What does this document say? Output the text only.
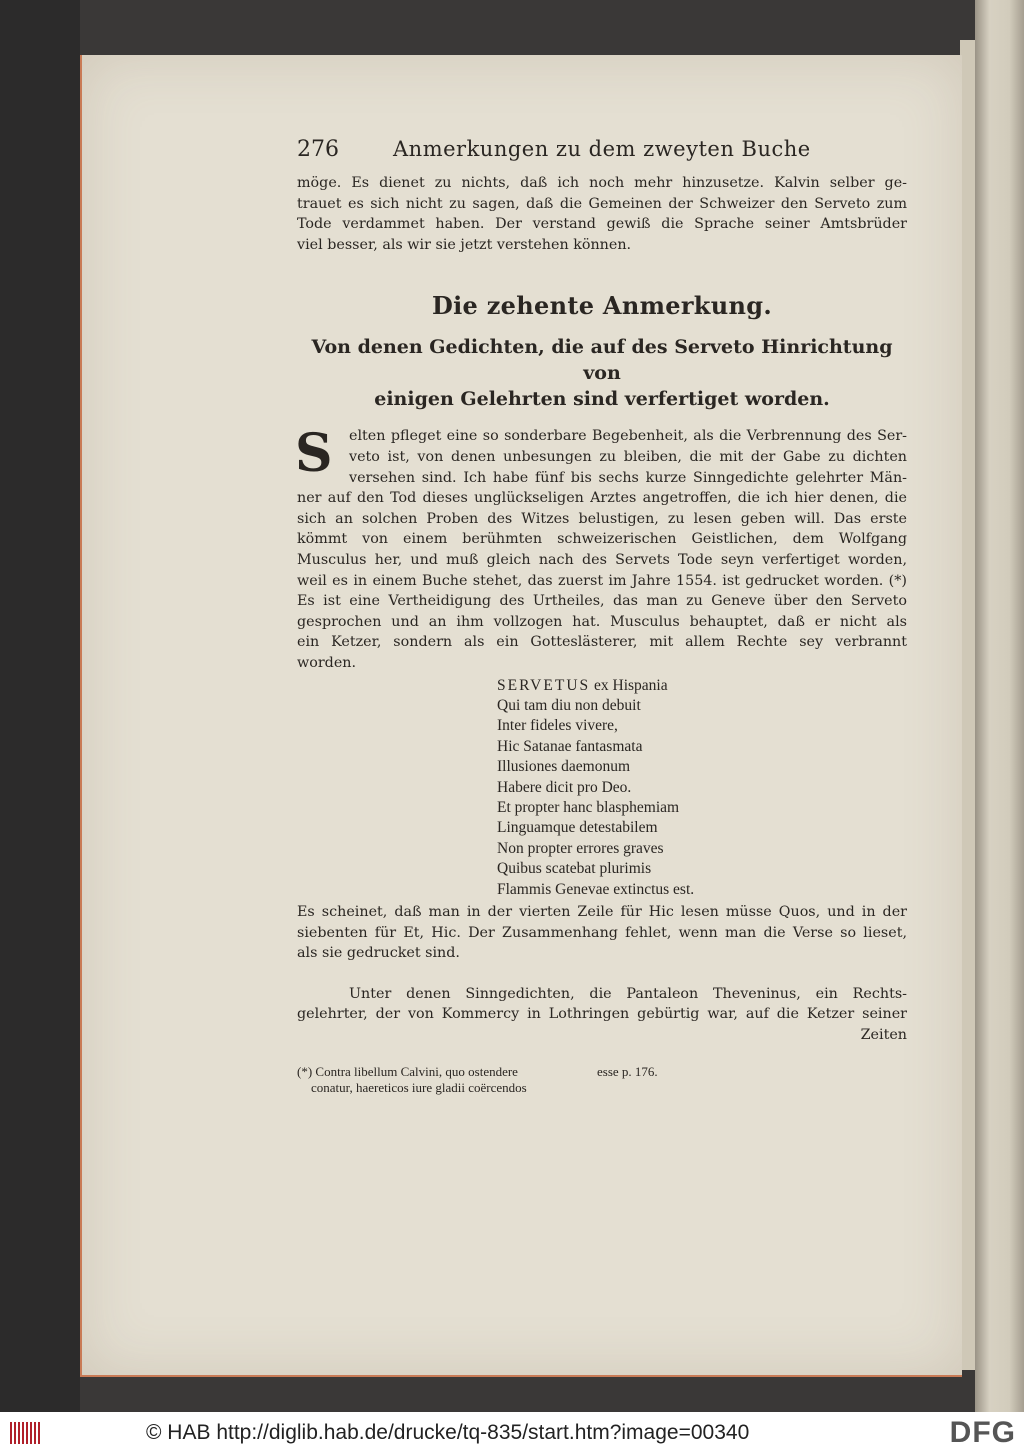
276	Anmerkungen zu dem zweyten Buche

möge. Es dienet zu nichts, daß ich noch mehr hinzusetze. Kalvin selber ge-
trauet es sich nicht zu sagen, daß die Gemeinen der Schweizer den Serveto zum
Tode verdammet haben. Der verstand gewiß die Sprache seiner Amtsbrüder
viel besser, als wir sie jetzt verstehen können.

Die zehente Anmerkung.
Von denen Gedichten, die auf des Serveto Hinrichtung von
einigen Gelehrten sind verfertiget worden.
S	elten pfleget eine so sonderbare Begebenheit, als die Verbrennung des Ser-
veto ist, von denen unbesungen zu bleiben, die mit der Gabe zu dichten
versehen sind. Ich habe fünf bis sechs kurze Sinngedichte gelehrter Män-
ner auf den Tod dieses unglückseligen Arztes angetroffen, die ich hier denen, die
sich an solchen Proben des Witzes belustigen, zu lesen geben will. Das erste
kömmt von einem berühmten schweizerischen Geistlichen, dem Wolfgang
Musculus her, und muß gleich nach des Servets Tode seyn verfertiget worden,
weil es in einem Buche stehet, das zuerst im Jahre 1554. ist gedrucket worden. (*)
Es ist eine Vertheidigung des Urtheiles, das man zu Geneve über den Serveto
gesprochen und an ihm vollzogen hat. Musculus behauptet, daß er nicht als
ein Ketzer, sondern als ein Gotteslästerer, mit allem Rechte sey verbrannt
worden.

SERVETUS ex Hispania
Qui tam diu non debuit
Inter fideles vivere,
Hic Satanae fantasmata
Illusiones daemonum
Habere dicit pro Deo.
Et propter hanc blasphemiam
Linguamque detestabilem
Non propter errores graves
Quibus scatebat plurimis
Flammis Genevae extinctus est.

Es scheinet, daß man in der vierten Zeile für Hic lesen müsse Quos, und in der
siebenten für Et, Hic. Der Zusammenhang fehlet, wenn man die Verse so lieset,
als sie gedrucket sind.

Unter denen Sinngedichten, die Pantaleon Theveninus, ein Rechts-
gelehrter, der von Kommercy in Lothringen gebürtig war, auf die Ketzer seiner
Zeiten

(*) Contra libellum Calvini, quo ostendere
conatur, haereticos iure gladii coërcendos
esse p. 176.
© HAB http://diglib.hab.de/drucke/tq-835/start.htm?image=00340	DFG
